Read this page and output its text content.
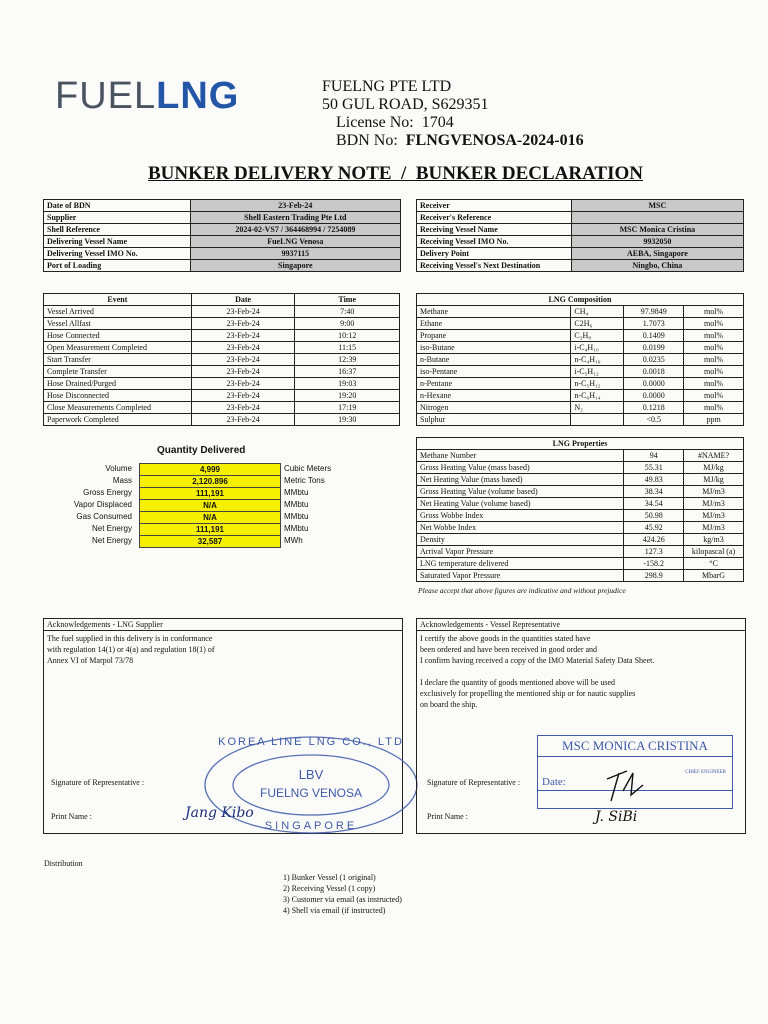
FUELLNG	FUELNG PTE LTD
50 GUL ROAD, S629351
License No: 1704
BDN No: FLNGVENOSA-2024-016
BUNKER DELIVERY NOTE  /  BUNKER DECLARATION
Date of BDN	23-Feb-24
Supplier	Shell Eastern Trading Pte Ltd
Shell Reference	2024-02-VS7 / 364468994 / 7254089
Delivering Vessel Name	FueLNG Venosa
Delivering Vessel IMO No.	9937115
Port of Loading	Singapore
Receiver	MSC
Receiver's Reference	
Receiving Vessel Name	MSC Monica Cristina
Receiving Vessel IMO No.	9932050
Delivery Point	AEBA, Singapore
Receiving Vessel's Next Destination	Ningbo, China
Event	Date	Time
Vessel Arrived	23-Feb-24	7:40
Vessel Allfast	23-Feb-24	9:00
Hose Connected	23-Feb-24	10:12
Open Measurement Completed	23-Feb-24	11:15
Start Transfer	23-Feb-24	12:39
Complete Transfer	23-Feb-24	16:37
Hose Drained/Purged	23-Feb-24	19:03
Hose Disconnected	23-Feb-24	19:20
Close Measurements Completed	23-Feb-24	17:19
Paperwork Completed	23-Feb-24	19:30
LNG Composition			
Methane	CH₄	97.9849	mol%
Ethane	C2H₆	1.7073	mol%
Propane	C₃H₈	0.1409	mol%
iso-Butane	i-C₄H₁₀	0.0199	mol%
n-Butane	n-C₄H₁₀	0.0235	mol%
iso-Pentane	i-C₅H₁₂	0.0018	mol%
n-Pentane	n-C₅H₁₂	0.0000	mol%
n-Hexane	n-C₆H₁₄	0.0000	mol%
Nitrogen	N₂	0.1218	mol%
Sulphur		<0.5	ppm
LNG Properties		
Methane Number	94	#NAME?
Gross Heating Value (mass based)	55.31	MJ/kg
Net Heating Value (mass based)	49.83	MJ/kg
Gross Heating Value (volume based)	38.34	MJ/m3
Net Heating Value (volume based)	34.54	MJ/m3
Gross Wobbe Index	50.98	MJ/m3
Net Wobbe Index	45.92	MJ/m3
Density	424.26	kg/m3
Arrival Vapor Pressure	127.3	kilopascal (a)
LNG temperature delivered	-158.2	°C
Saturated Vapor Pressure	298.9	MbarG
Please accept that above figures are indicative and without prejudice
Quantity Delivered
Volume	4,999	Cubic Meters
Mass	2,120.896	Metric Tons
Gross Energy	111,191	MMbtu
Vapor Displaced	N/A	MMbtu
Gas Consumed	N/A	MMbtu
Net Energy	111,191	MMbtu
Net Energy	32,587	MWh
Acknowledgements - LNG Supplier
The fuel supplied in this delivery is in conformance
with regulation 14(1) or 4(a) and regulation 18(1) of
Annex VI of Marpol 73/78
Signature of Representative :
Print Name :
LBV
FUELNG VENOSA
KOREA LINE LNG CO., LTD
SINGAPORE
Jang Kibo
Acknowledgements - Vessel Representative
I certify the above goods in the quantities stated have
been ordered and have been received in good order and
I confirm having received a copy of the IMO Material Safety Data Sheet.

I declare the quantity of goods mentioned above will be used
exclusively for propelling the mentioned ship or for nautic supplies
on board the ship.
Signature of Representative :
Print Name :
MSC MONICA CRISTINA
CHIEF ENGINEER
Date:
J. SiBi
Distribution
1) Bunker Vessel (1 original)
2) Receiving Vessel (1 copy)
3) Customer via email (as instructed)
4) Shell via email (if instructed)
